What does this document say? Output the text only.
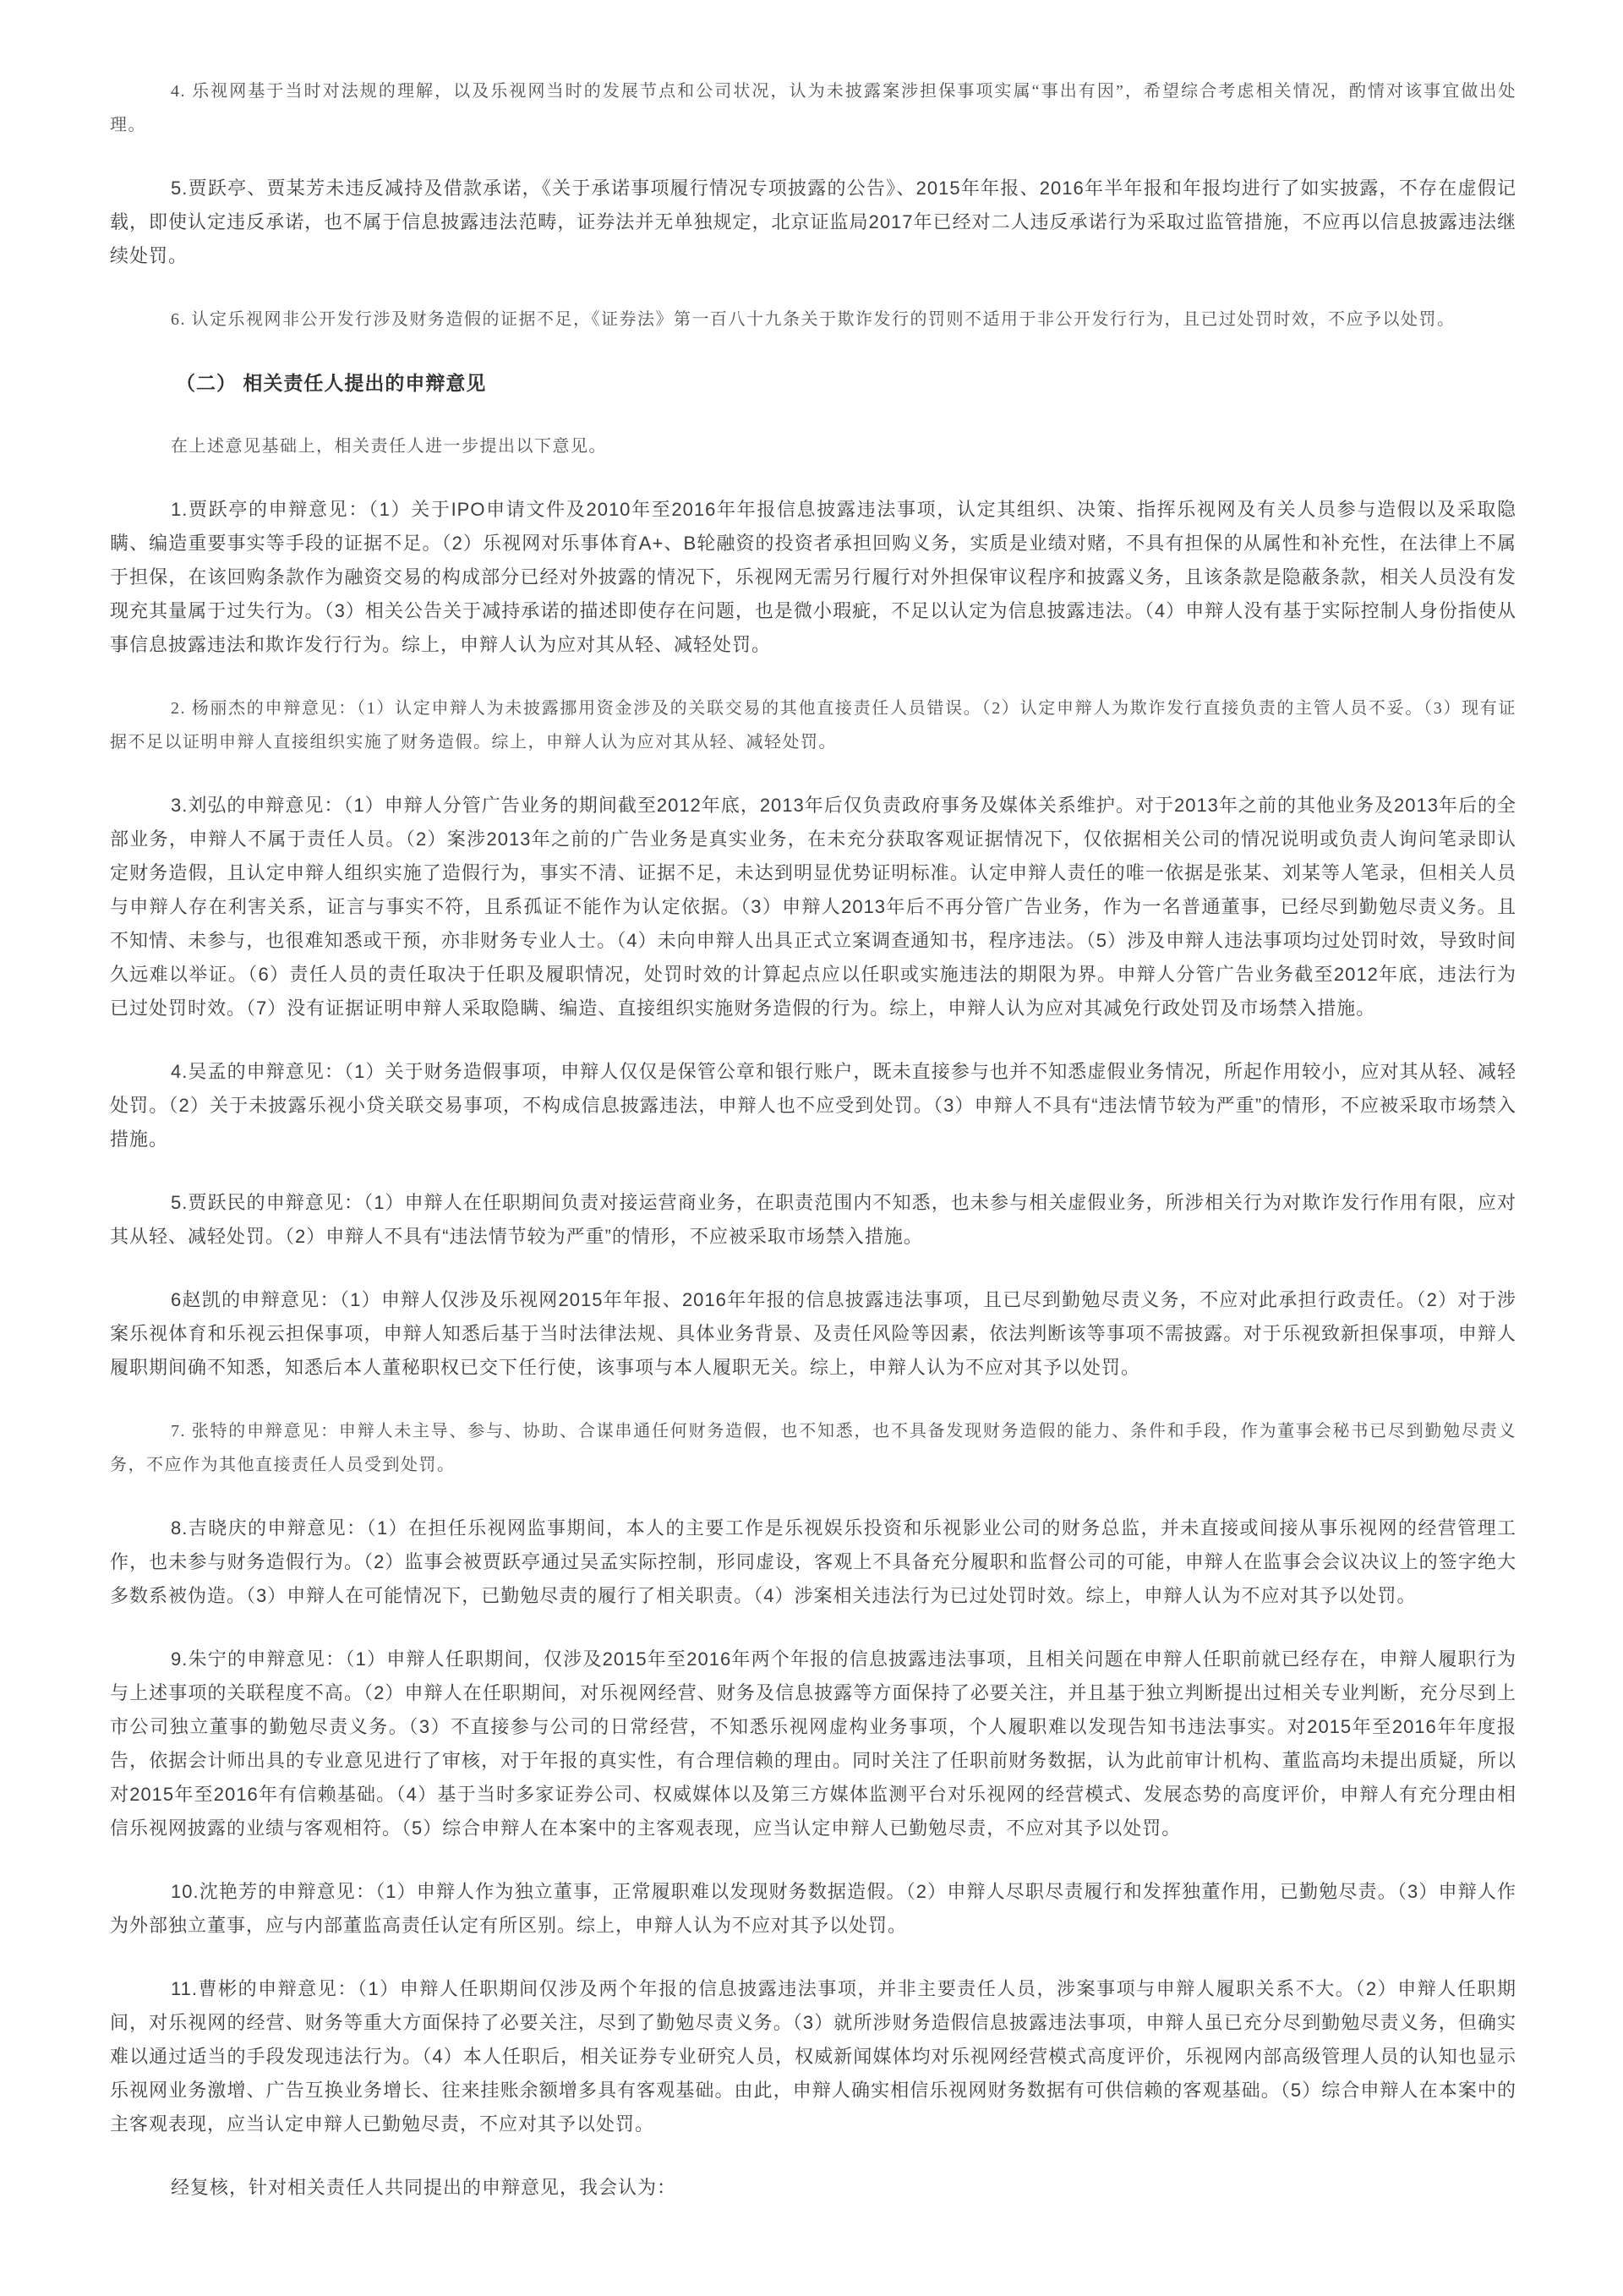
4. 乐视网基于当时对法规的理解，以及乐视网当时的发展节点和公司状况，认为未披露案涉担保事项实属“事出有因”，希望综合考虑相关情况，酌情对该事宜做出处理。

5.贾跃亭、贾某芳未违反减持及借款承诺，《关于承诺事项履行情况专项披露的公告》、2015年年报、2016年半年报和年报均进行了如实披露，不存在虚假记载，即使认定违反承诺，也不属于信息披露违法范畴，证券法并无单独规定，北京证监局2017年已经对二人违反承诺行为采取过监管措施，不应再以信息披露违法继续处罚。

6. 认定乐视网非公开发行涉及财务造假的证据不足，《证券法》第一百八十九条关于欺诈发行的罚则不适用于非公开发行行为，且已过处罚时效，不应予以处罚。

（二） 相关责任人提出的申辩意见

在上述意见基础上，相关责任人进一步提出以下意见。

1.贾跃亭的申辩意见：（1）关于IPO申请文件及2010年至2016年年报信息披露违法事项，认定其组织、决策、指挥乐视网及有关人员参与造假以及采取隐瞒、编造重要事实等手段的证据不足。（2）乐视网对乐事体育A+、B轮融资的投资者承担回购义务，实质是业绩对赌，不具有担保的从属性和补充性，在法律上不属于担保，在该回购条款作为融资交易的构成部分已经对外披露的情况下，乐视网无需另行履行对外担保审议程序和披露义务，且该条款是隐蔽条款，相关人员没有发现充其量属于过失行为。（3）相关公告关于减持承诺的描述即使存在问题，也是微小瑕疵，不足以认定为信息披露违法。（4）申辩人没有基于实际控制人身份指使从事信息披露违法和欺诈发行行为。综上，申辩人认为应对其从轻、减轻处罚。

2. 杨丽杰的申辩意见：（1）认定申辩人为未披露挪用资金涉及的关联交易的其他直接责任人员错误。（2）认定申辩人为欺诈发行直接负责的主管人员不妥。（3）现有证据不足以证明申辩人直接组织实施了财务造假。综上，申辩人认为应对其从轻、减轻处罚。

3.刘弘的申辩意见：（1）申辩人分管广告业务的期间截至2012年底，2013年后仅负责政府事务及媒体关系维护。对于2013年之前的其他业务及2013年后的全部业务，申辩人不属于责任人员。（2）案涉2013年之前的广告业务是真实业务，在未充分获取客观证据情况下，仅依据相关公司的情况说明或负责人询问笔录即认定财务造假，且认定申辩人组织实施了造假行为，事实不清、证据不足，未达到明显优势证明标准。认定申辩人责任的唯一依据是张某、刘某等人笔录，但相关人员与申辩人存在利害关系，证言与事实不符，且系孤证不能作为认定依据。（3）申辩人2013年后不再分管广告业务，作为一名普通董事，已经尽到勤勉尽责义务。且不知情、未参与，也很难知悉或干预，亦非财务专业人士。（4）未向申辩人出具正式立案调查通知书，程序违法。（5）涉及申辩人违法事项均过处罚时效，导致时间久远难以举证。（6）责任人员的责任取决于任职及履职情况，处罚时效的计算起点应以任职或实施违法的期限为界。申辩人分管广告业务截至2012年底，违法行为已过处罚时效。（7）没有证据证明申辩人采取隐瞒、编造、直接组织实施财务造假的行为。综上，申辩人认为应对其减免行政处罚及市场禁入措施。

4.吴孟的申辩意见：（1）关于财务造假事项，申辩人仅仅是保管公章和银行账户，既未直接参与也并不知悉虚假业务情况，所起作用较小，应对其从轻、减轻处罚。（2）关于未披露乐视小贷关联交易事项，不构成信息披露违法，申辩人也不应受到处罚。（3）申辩人不具有“违法情节较为严重”的情形，不应被采取市场禁入措施。

5.贾跃民的申辩意见：（1）申辩人在任职期间负责对接运营商业务，在职责范围内不知悉，也未参与相关虚假业务，所涉相关行为对欺诈发行作用有限，应对其从轻、减轻处罚。（2）申辩人不具有“违法情节较为严重”的情形，不应被采取市场禁入措施。

6赵凯的申辩意见：（1）申辩人仅涉及乐视网2015年年报、2016年年报的信息披露违法事项，且已尽到勤勉尽责义务，不应对此承担行政责任。（2）对于涉案乐视体育和乐视云担保事项，申辩人知悉后基于当时法律法规、具体业务背景、及责任风险等因素，依法判断该等事项不需披露。对于乐视致新担保事项，申辩人履职期间确不知悉，知悉后本人董秘职权已交下任行使，该事项与本人履职无关。综上，申辩人认为不应对其予以处罚。

7. 张特的申辩意见：申辩人未主导、参与、协助、合谋串通任何财务造假，也不知悉，也不具备发现财务造假的能力、条件和手段，作为董事会秘书已尽到勤勉尽责义务，不应作为其他直接责任人员受到处罚。

8.吉晓庆的申辩意见：（1）在担任乐视网监事期间，本人的主要工作是乐视娱乐投资和乐视影业公司的财务总监，并未直接或间接从事乐视网的经营管理工作，也未参与财务造假行为。（2）监事会被贾跃亭通过吴孟实际控制，形同虚设，客观上不具备充分履职和监督公司的可能，申辩人在监事会会议决议上的签字绝大多数系被伪造。（3）申辩人在可能情况下，已勤勉尽责的履行了相关职责。（4）涉案相关违法行为已过处罚时效。综上，申辩人认为不应对其予以处罚。

9.朱宁的申辩意见：（1）申辩人任职期间，仅涉及2015年至2016年两个年报的信息披露违法事项，且相关问题在申辩人任职前就已经存在，申辩人履职行为与上述事项的关联程度不高。（2）申辩人在任职期间，对乐视网经营、财务及信息披露等方面保持了必要关注，并且基于独立判断提出过相关专业判断，充分尽到上市公司独立董事的勤勉尽责义务。（3）不直接参与公司的日常经营，不知悉乐视网虚构业务事项，个人履职难以发现告知书违法事实。对2015年至2016年年度报告，依据会计师出具的专业意见进行了审核，对于年报的真实性，有合理信赖的理由。同时关注了任职前财务数据，认为此前审计机构、董监高均未提出质疑，所以对2015年至2016年有信赖基础。（4）基于当时多家证券公司、权威媒体以及第三方媒体监测平台对乐视网的经营模式、发展态势的高度评价，申辩人有充分理由相信乐视网披露的业绩与客观相符。（5）综合申辩人在本案中的主客观表现，应当认定申辩人已勤勉尽责，不应对其予以处罚。

10.沈艳芳的申辩意见：（1）申辩人作为独立董事，正常履职难以发现财务数据造假。（2）申辩人尽职尽责履行和发挥独董作用，已勤勉尽责。（3）申辩人作为外部独立董事，应与内部董监高责任认定有所区别。综上，申辩人认为不应对其予以处罚。

11.曹彬的申辩意见：（1）申辩人任职期间仅涉及两个年报的信息披露违法事项，并非主要责任人员，涉案事项与申辩人履职关系不大。（2）申辩人任职期间，对乐视网的经营、财务等重大方面保持了必要关注，尽到了勤勉尽责义务。（3）就所涉财务造假信息披露违法事项，申辩人虽已充分尽到勤勉尽责义务，但确实难以通过适当的手段发现违法行为。（4）本人任职后，相关证券专业研究人员，权威新闻媒体均对乐视网经营模式高度评价，乐视网内部高级管理人员的认知也显示乐视网业务激增、广告互换业务增长、往来挂账余额增多具有客观基础。由此，申辩人确实相信乐视网财务数据有可供信赖的客观基础。（5）综合申辩人在本案中的主客观表现，应当认定申辩人已勤勉尽责，不应对其予以处罚。

经复核，针对相关责任人共同提出的申辩意见，我会认为：
